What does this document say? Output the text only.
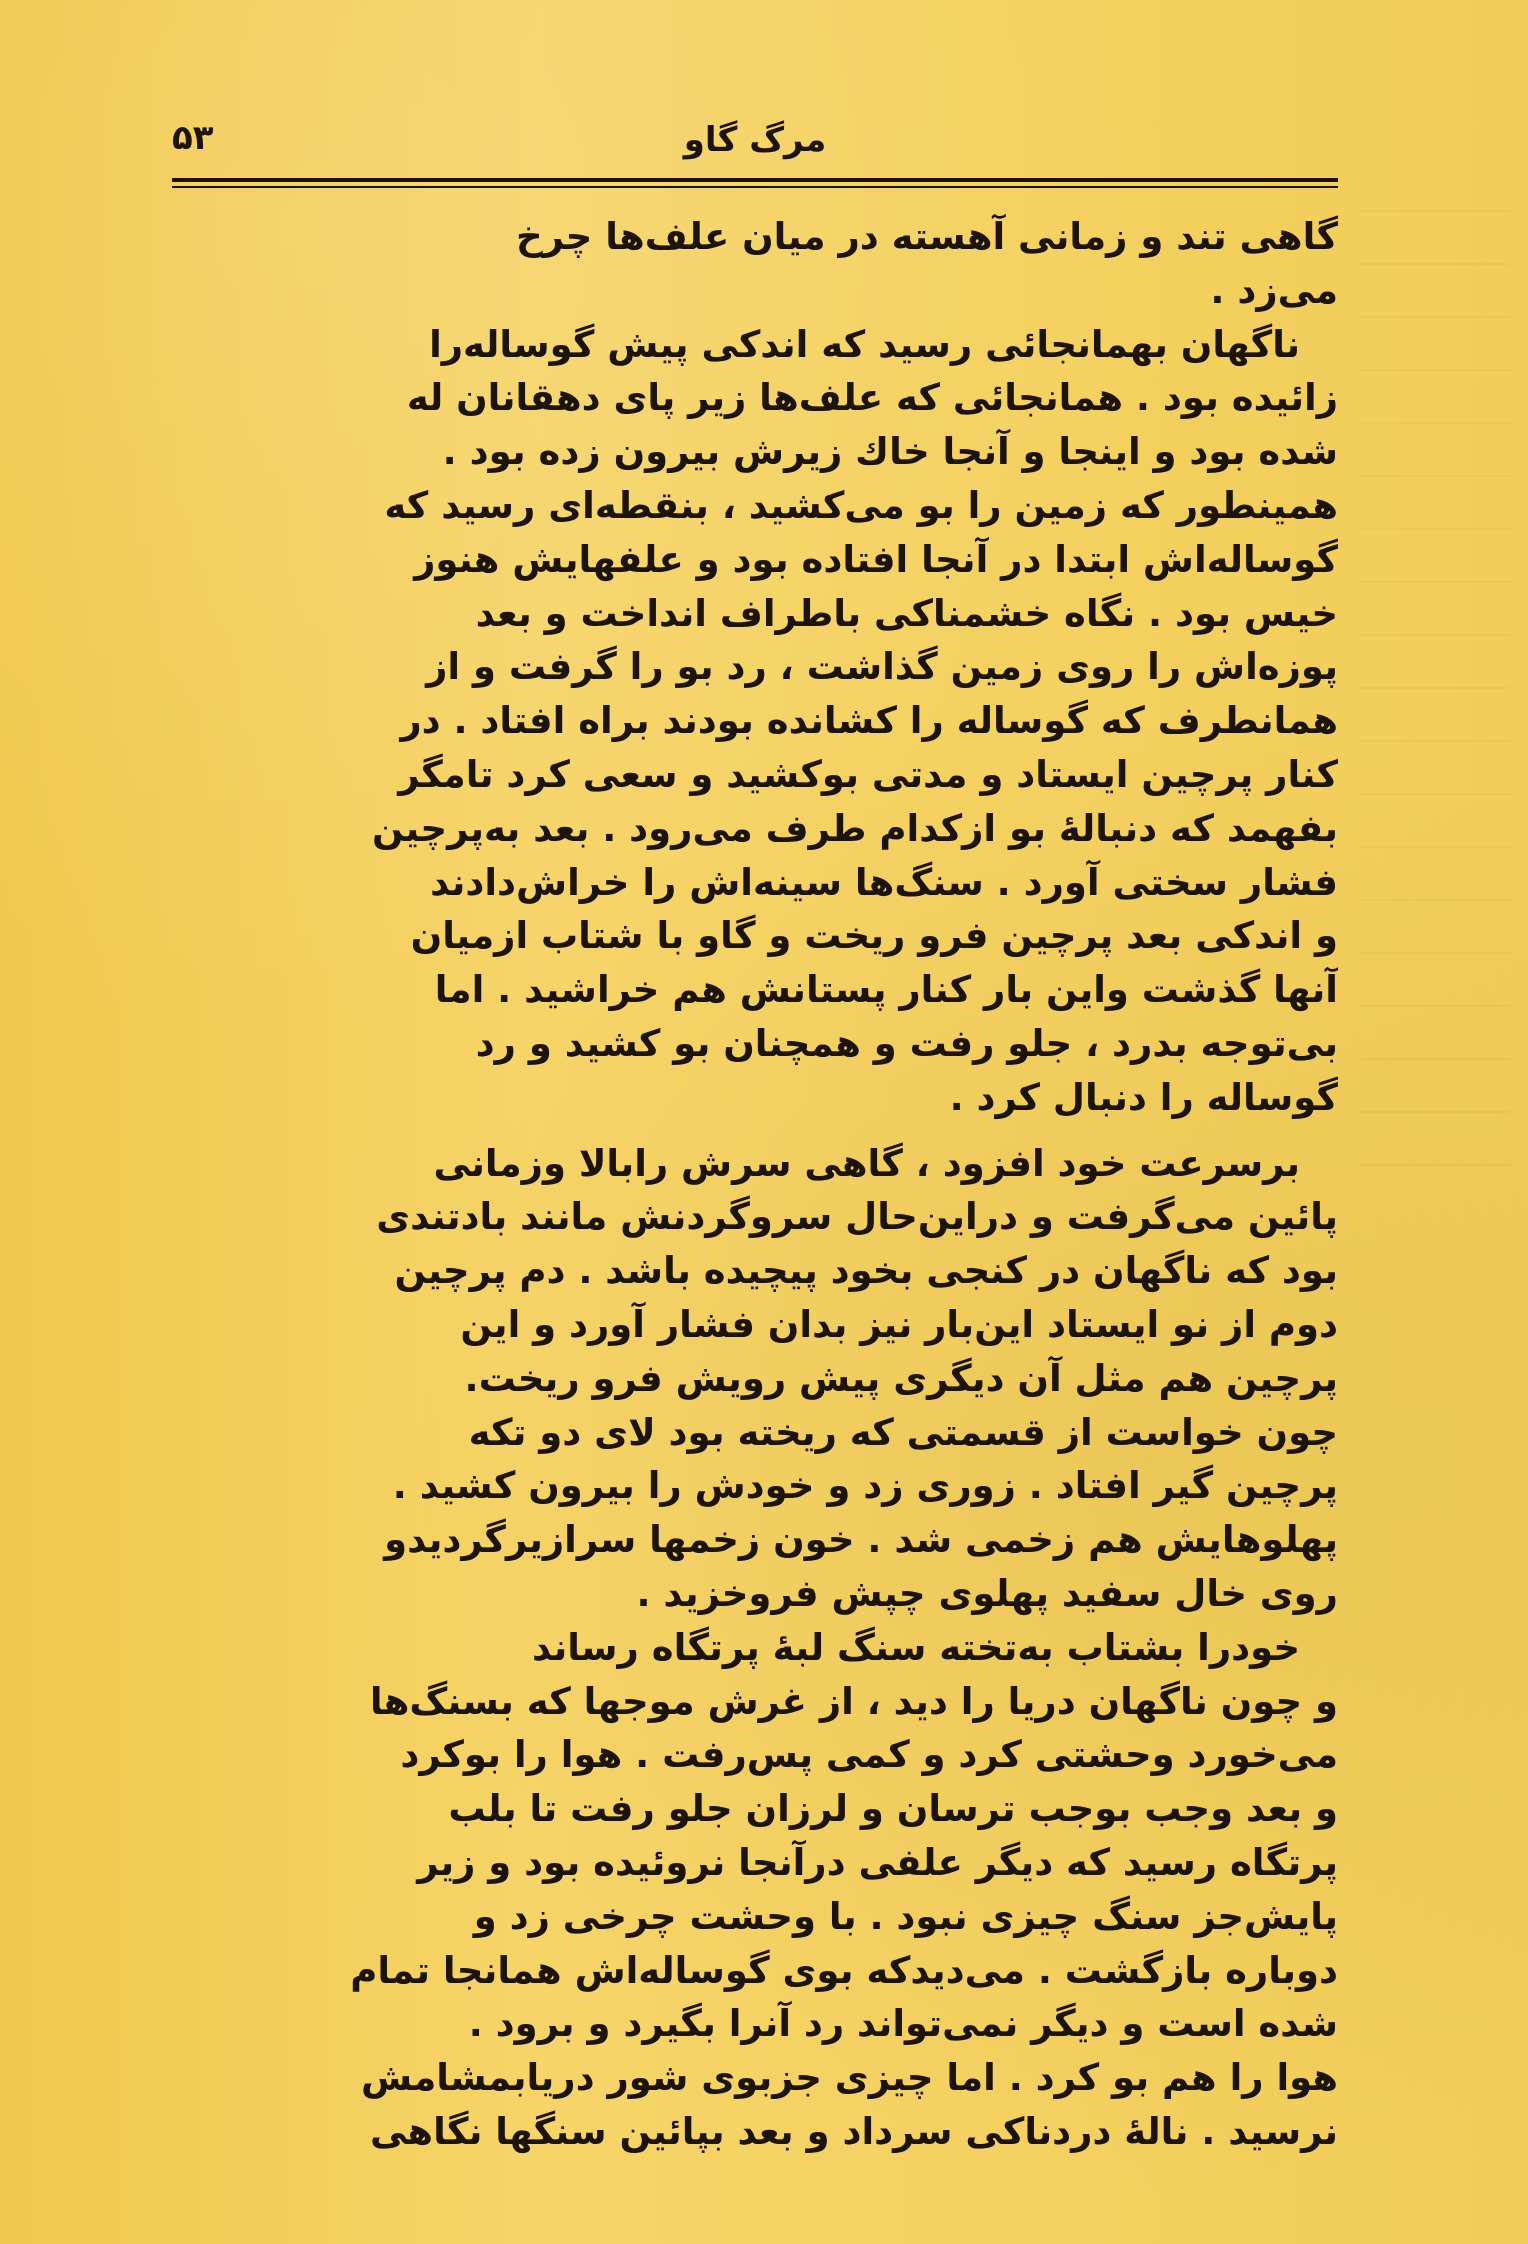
مرگ گاو
۵۳
گاهی تند و زمانی آهسته در میان علف‌ها چرخ
می‌زد .
ناگهان بهمانجائی رسید که اندکی پیش گوساله‌را
زائیده بود . همانجائی که علف‌ها زیر پای دهقانان له
شده بود و اینجا و آنجا خاك زیرش بیرون زده بود .
همینطور که زمین را بو می‌کشید ، بنقطه‌ای رسید که
گوساله‌اش ابتدا در آنجا افتاده بود و علفهایش هنوز
خیس بود . نگاه خشمناکی باطراف انداخت و بعد
پوزه‌اش را روی زمین گذاشت ، رد بو را گرفت و از
همانطرف که گوساله را کشانده بودند براه افتاد . در
کنار پرچین ایستاد و مدتی بوکشید و سعی کرد تامگر
بفهمد که دنبالهٔ بو ازکدام طرف می‌رود . بعد به‌پرچین
فشار سختی آورد . سنگ‌ها سینه‌اش را خراش‌دادند
و اندکی بعد پرچین فرو ریخت و گاو با شتاب ازمیان
آنها گذشت واین بار کنار پستانش هم خراشید . اما
بی‌توجه بدرد ، جلو رفت و همچنان بو کشید و رد
گوساله را دنبال کرد .
برسرعت خود افزود ، گاهی سرش رابالا وزمانی
پائین می‌گرفت و دراین‌حال سروگردنش مانند بادتندی
بود که ناگهان در کنجی بخود پیچیده باشد . دم پرچین
دوم از نو ایستاد این‌بار نیز بدان فشار آورد و این
پرچین هم مثل آن دیگری پیش رویش فرو ریخت.
چون خواست از قسمتی که ریخته بود لای دو تکه
پرچین گیر افتاد . زوری زد و خودش را بیرون کشید .
پهلوهایش هم زخمی شد . خون زخمها سرازیرگردیدو
روی خال سفید پهلوی چپش فروخزید .
خودرا بشتاب به‌تخته سنگ لبهٔ پرتگاه رساند
و چون ناگهان دریا را دید ، از غرش موجها که بسنگ‌ها
می‌خورد وحشتی کرد و کمی پس‌رفت . هوا را بوکرد
و بعد وجب بوجب ترسان و لرزان جلو رفت تا بلب
پرتگاه رسید که دیگر علفی درآنجا نروئیده بود و زیر
پایش‌جز سنگ چیزی نبود . با وحشت چرخی زد و
دوباره بازگشت . می‌دیدکه بوی گوساله‌اش همانجا تمام
شده است و دیگر نمی‌تواند رد آنرا بگیرد و برود .
هوا را هم بو کرد . اما چیزی جزبوی شور دریابمشامش
نرسید . نالهٔ دردناکی سرداد و بعد بپائین سنگها نگاهی
